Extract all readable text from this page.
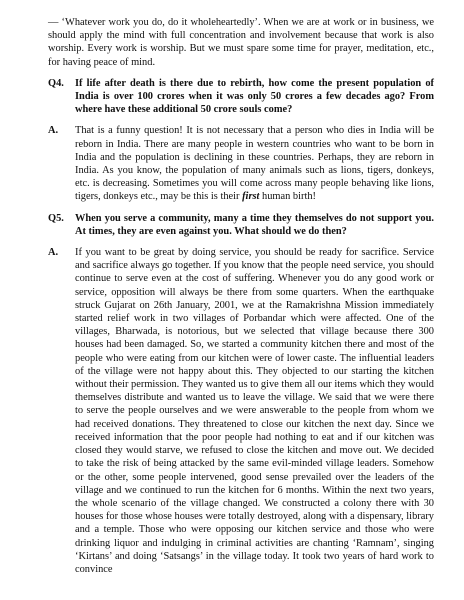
— ‘Whatever work you do, do it wholeheartedly’. When we are at work or in business, we should apply the mind with full concentration and involvement because that work is also worship. Every work is worship. But we must spare some time for prayer, meditation, etc., for having peace of mind.

Q4.	If life after death is there due to rebirth, how come the present population of India is over 100 crores when it was only 50 crores a few decades ago? From where have these additional 50 crore souls come?
A.	That is a funny question! It is not necessary that a person who dies in India will be reborn in India. There are many people in western countries who want to be born in India and the population is declining in these countries. Perhaps, they are reborn in India. As you know, the population of many animals such as lions, tigers, donkeys, etc. is decreasing. Sometimes you will come across many people behaving like lions, tigers, donkeys etc., may be this is their first human birth!
Q5.	When you serve a community, many a time they themselves do not support you. At times, they are even against you. What should we do then?
A.	If you want to be great by doing service, you should be ready for sacrifice. Service and sacrifice always go together. If you know that the people need service, you should continue to serve even at the cost of suffering. Whenever you do any good work or service, opposition will always be there from some quarters. When the earthquake struck Gujarat on 26th January, 2001, we at the Ramakrishna Mission immediately started relief work in two villages of Porbandar which were affected. One of the villages, Bharwada, is notorious, but we selected that village because there 300 houses had been damaged. So, we started a community kitchen there and most of the people who were eating from our kitchen were of lower caste. The influential leaders of the village were not happy about this. They objected to our starting the kitchen without their permission. They wanted us to give them all our items which they would themselves distribute and wanted us to leave the village. We said that we were there to serve the people ourselves and we were answerable to the people from whom we had received donations. They threatened to close our kitchen the next day. Since we received information that the poor people had nothing to eat and if our kitchen was closed they would starve, we refused to close the kitchen and move out. We decided to take the risk of being attacked by the same evil-minded village leaders. Somehow or the other, some people intervened, good sense prevailed over the leaders of the village and we continued to run the kitchen for 6 months. Within the next two years, the whole scenario of the village changed. We constructed a colony there with 30 houses for those whose houses were totally destroyed, along with a dispensary, library and a temple. Those who were opposing our kitchen service and those who were drinking liquor and indulging in criminal activities are chanting ‘Ramnam’, singing ‘Kirtans’ and doing ‘Satsangs’ in the village today. It took two years of hard work to convince
